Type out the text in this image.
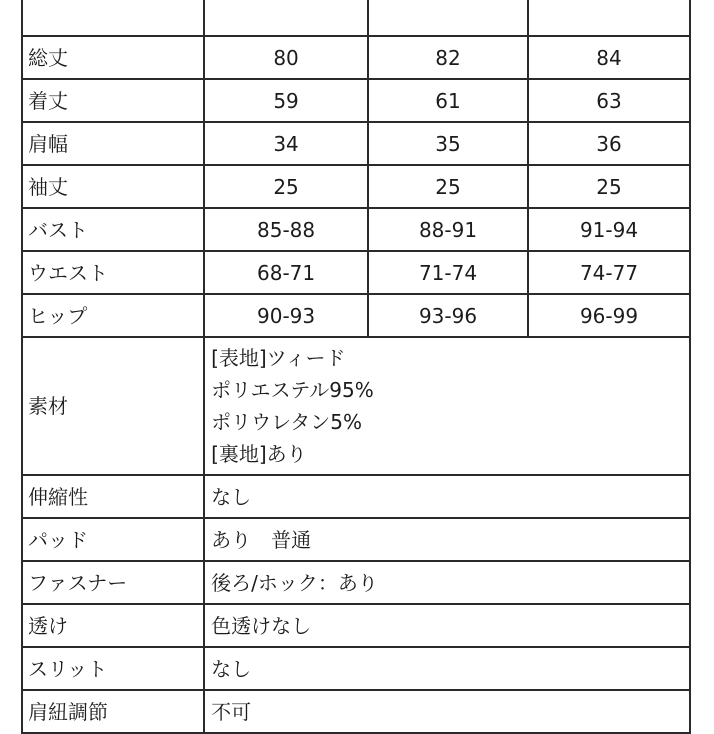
総丈	80	82	84
着丈	59	61	63
肩幅	34	35	36
袖丈	25	25	25
バスト	85-88	88-91	91-94
ウエスト	68-71	71-74	74-77
ヒップ	90-93	93-96	96-99
素材	[表地]ツィード
ポリエステル95%
ポリウレタン5%
[裏地]あり		

伸縮性	なし		
パッド	あり　普通		
ファスナー	後ろ/ホック：あり		
透け	色透けなし		
スリット	なし		
肩紐調節	不可		
